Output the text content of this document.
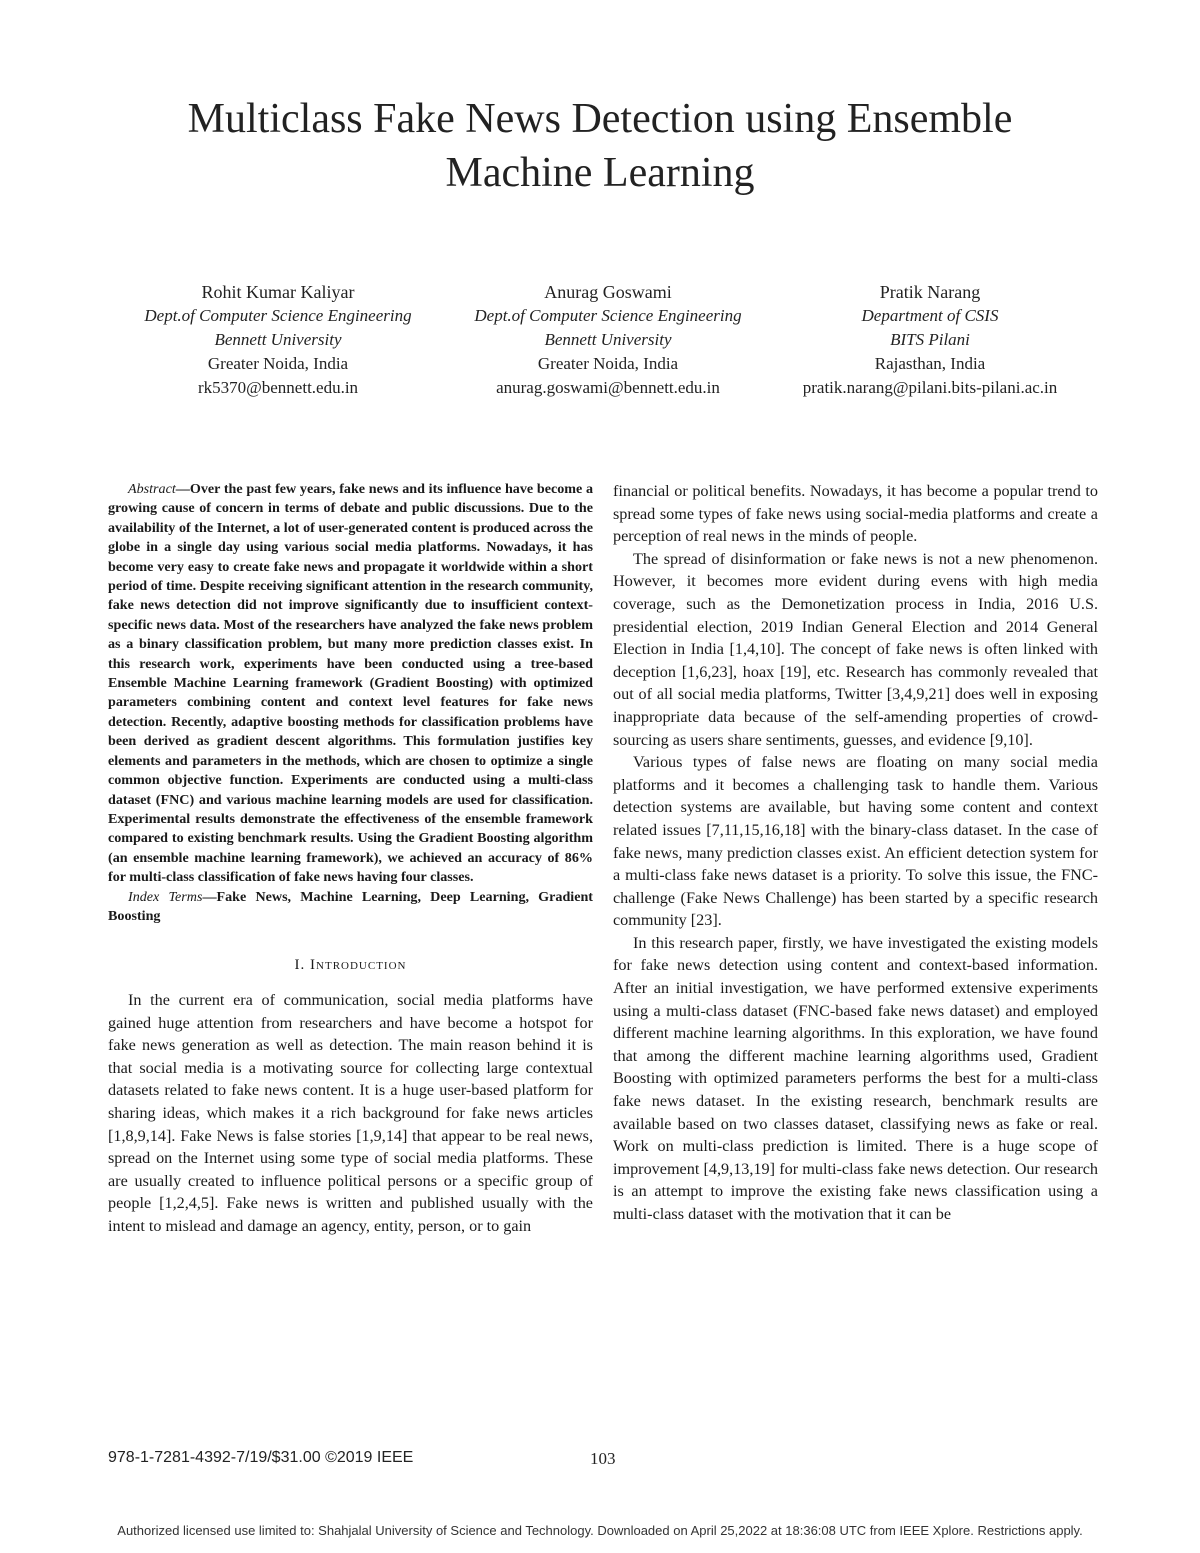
Multiclass Fake News Detection using Ensemble
Machine Learning
Rohit Kumar Kaliyar
Dept.of Computer Science Engineering
Bennett University
Greater Noida, India
rk5370@bennett.edu.in
Anurag Goswami
Dept.of Computer Science Engineering
Bennett University
Greater Noida, India
anurag.goswami@bennett.edu.in
Pratik Narang
Department of CSIS
BITS Pilani
Rajasthan, India
pratik.narang@pilani.bits-pilani.ac.in

Abstract—Over the past few years, fake news and its influence have become a growing cause of concern in terms of debate and public discussions. Due to the availability of the Internet, a lot of user-generated content is produced across the globe in a single day using various social media platforms. Nowadays, it has become very easy to create fake news and propagate it worldwide within a short period of time. Despite receiving significant attention in the research community, fake news detection did not improve significantly due to insufficient context-specific news data. Most of the researchers have analyzed the fake news problem as a binary classification problem, but many more prediction classes exist. In this research work, experiments have been conducted using a tree-based Ensemble Machine Learning framework (Gradient Boosting) with optimized parameters combining content and context level features for fake news detection. Recently, adaptive boosting methods for classification problems have been derived as gradient descent algorithms. This formulation justifies key elements and parameters in the methods, which are chosen to optimize a single common objective function. Experiments are conducted using a multi-class dataset (FNC) and various machine learning models are used for classification. Experimental results demonstrate the effectiveness of the ensemble framework compared to existing benchmark results. Using the Gradient Boosting algorithm (an ensemble machine learning framework), we achieved an accuracy of 86% for multi-class classification of fake news having four classes.

Index Terms—Fake News, Machine Learning, Deep Learning, Gradient Boosting

I. Introduction

In the current era of communication, social media platforms have gained huge attention from researchers and have become a hotspot for fake news generation as well as detection. The main reason behind it is that social media is a motivating source for collecting large contextual datasets related to fake news content. It is a huge user-based platform for sharing ideas, which makes it a rich background for fake news articles [1,8,9,14]. Fake News is false stories [1,9,14] that appear to be real news, spread on the Internet using some type of social media platforms. These are usually created to influence political persons or a specific group of people [1,2,4,5]. Fake news is written and published usually with the intent to mislead and damage an agency, entity, person, or to gain

financial or political benefits. Nowadays, it has become a popular trend to spread some types of fake news using social-media platforms and create a perception of real news in the minds of people.

The spread of disinformation or fake news is not a new phenomenon. However, it becomes more evident during evens with high media coverage, such as the Demonetization process in India, 2016 U.S. presidential election, 2019 Indian General Election and 2014 General Election in India [1,4,10]. The concept of fake news is often linked with deception [1,6,23], hoax [19], etc. Research has commonly revealed that out of all social media platforms, Twitter [3,4,9,21] does well in exposing inappropriate data because of the self-amending properties of crowd-sourcing as users share sentiments, guesses, and evidence [9,10].

Various types of false news are floating on many social media platforms and it becomes a challenging task to handle them. Various detection systems are available, but having some content and context related issues [7,11,15,16,18] with the binary-class dataset. In the case of fake news, many prediction classes exist. An efficient detection system for a multi-class fake news dataset is a priority. To solve this issue, the FNC-challenge (Fake News Challenge) has been started by a specific research community [23].

In this research paper, firstly, we have investigated the existing models for fake news detection using content and context-based information. After an initial investigation, we have performed extensive experiments using a multi-class dataset (FNC-based fake news dataset) and employed different machine learning algorithms. In this exploration, we have found that among the different machine learning algorithms used, Gradient Boosting with optimized parameters performs the best for a multi-class fake news dataset. In the existing research, benchmark results are available based on two classes dataset, classifying news as fake or real. Work on multi-class prediction is limited. There is a huge scope of improvement [4,9,13,19] for multi-class fake news detection. Our research is an attempt to improve the existing fake news classification using a multi-class dataset with the motivation that it can be

978-1-7281-4392-7/19/$31.00 ©2019 IEEE	103
Authorized licensed use limited to: Shahjalal University of Science and Technology. Downloaded on April 25,2022 at 18:36:08 UTC from IEEE Xplore. Restrictions apply.
